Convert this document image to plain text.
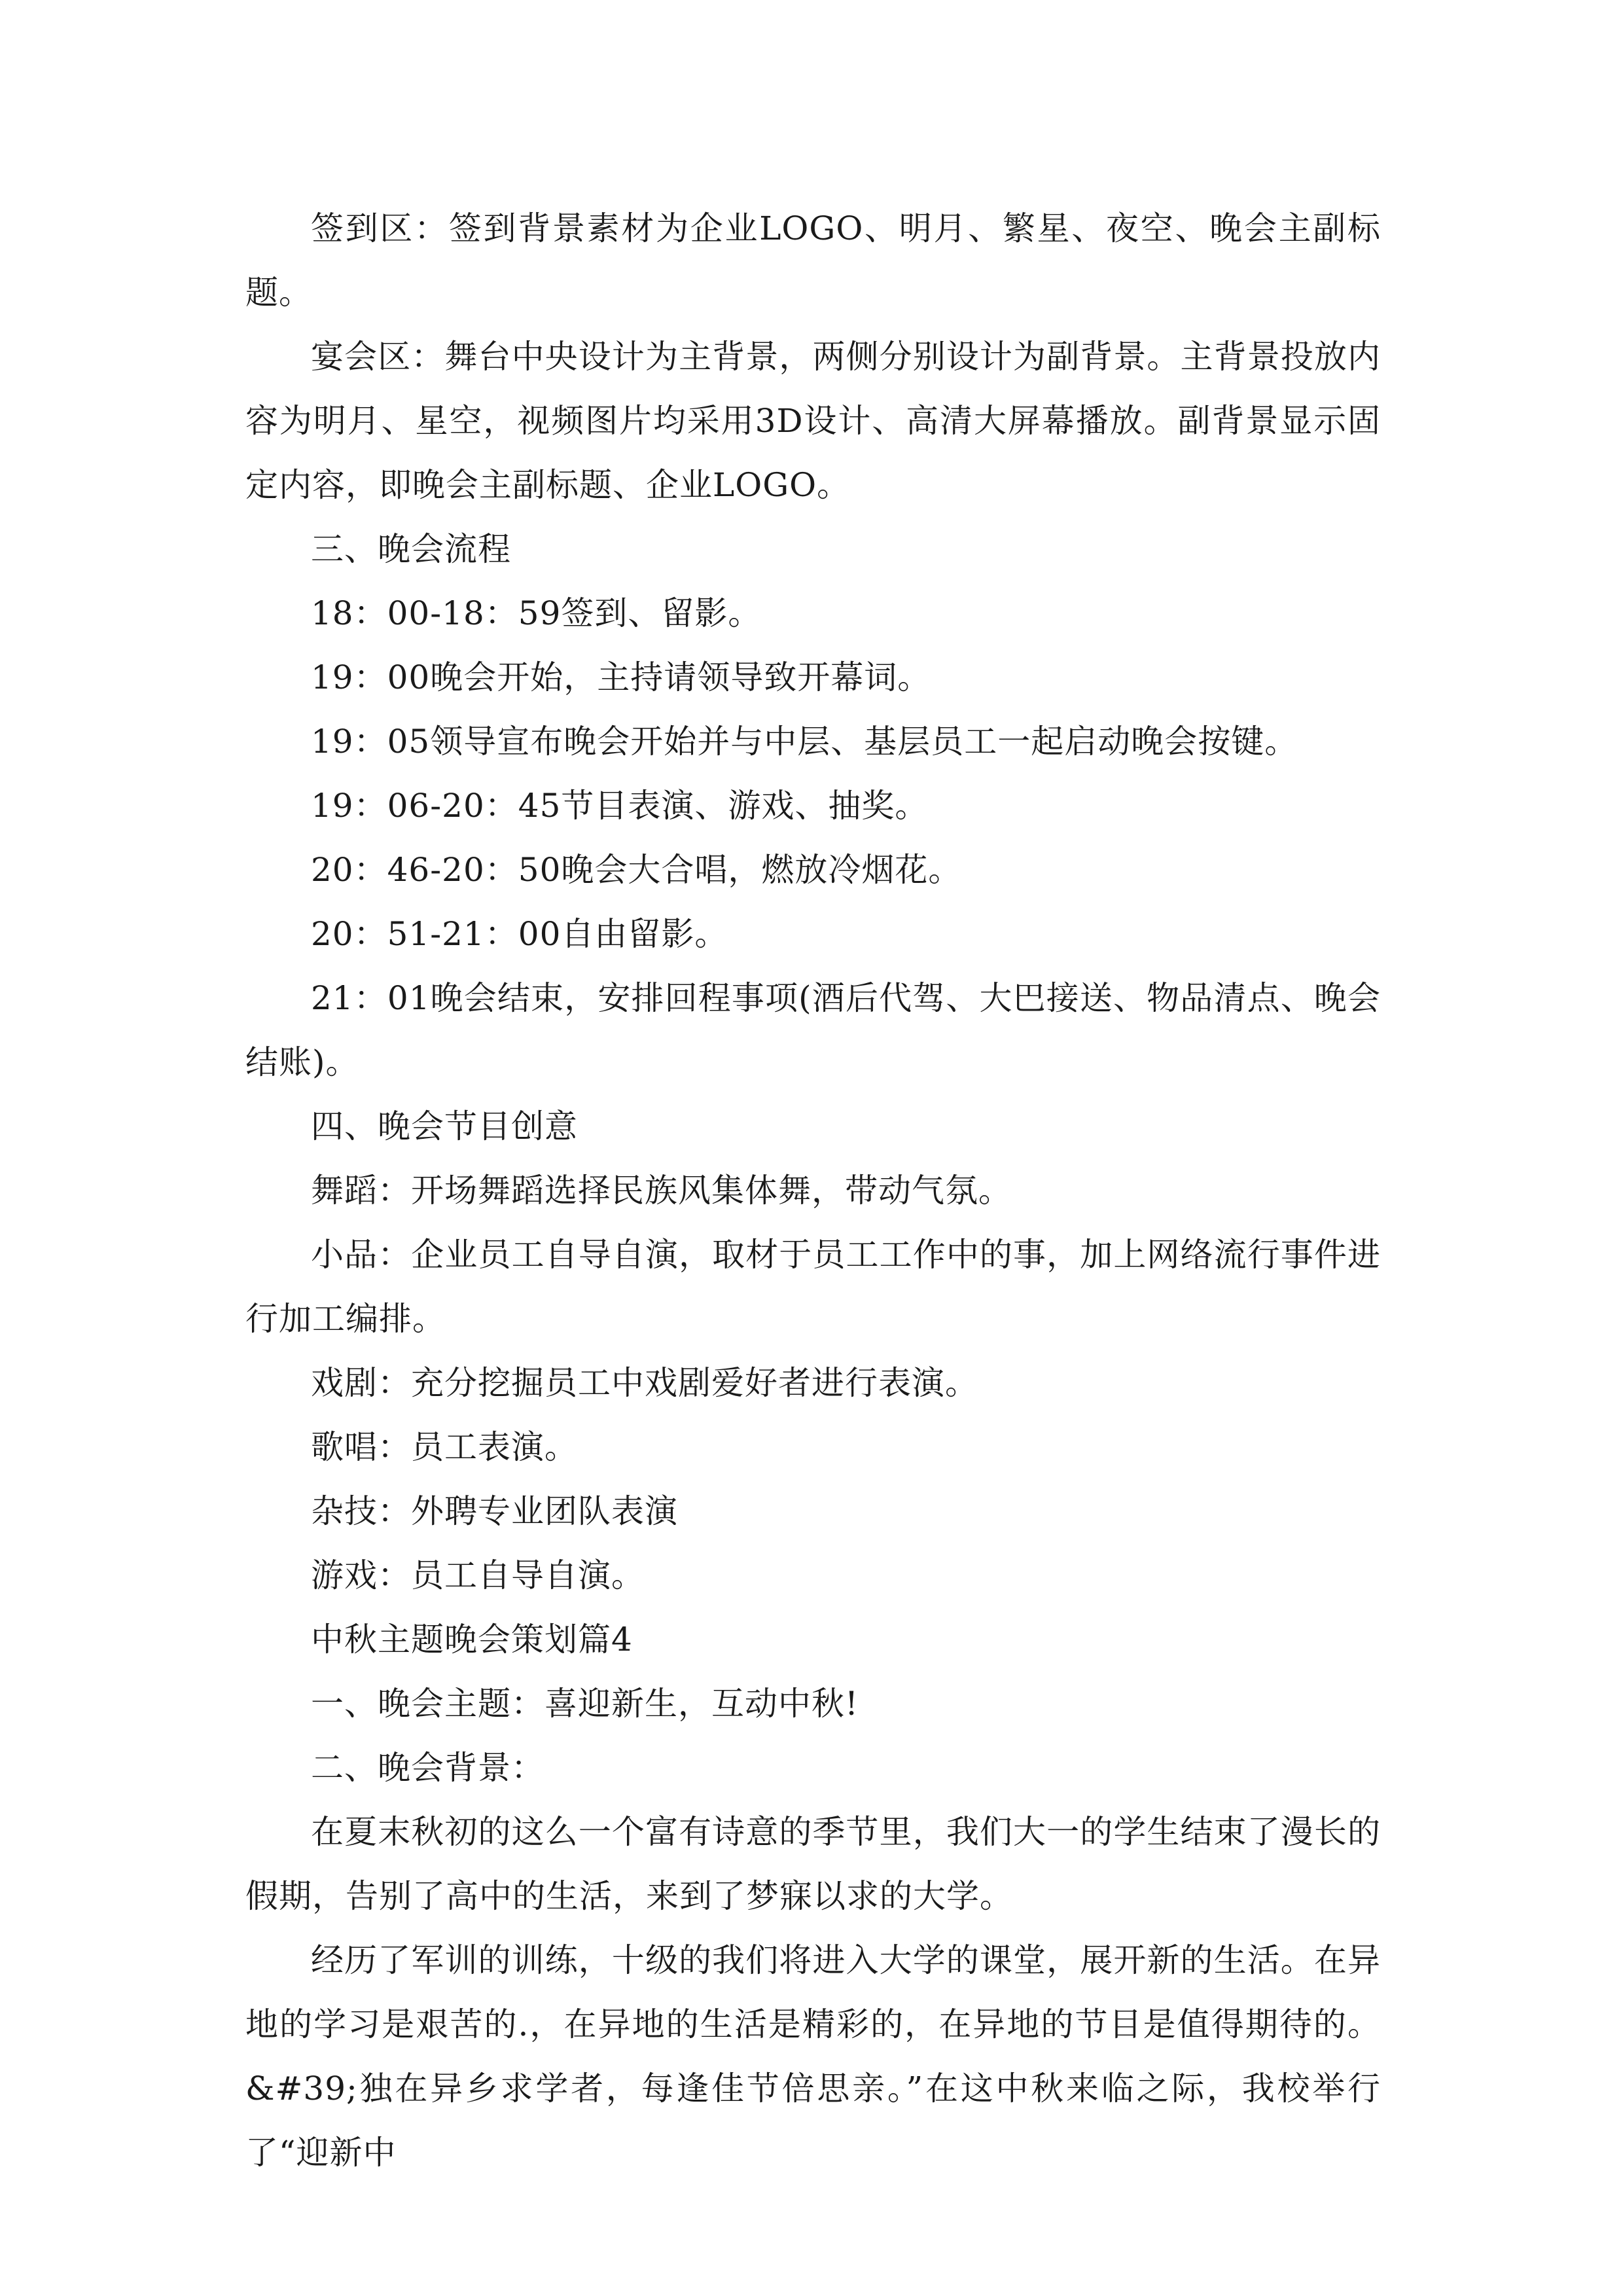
签到区：签到背景素材为企业LOGO、明月、繁星、夜空、晚会主副标题。

宴会区：舞台中央设计为主背景，两侧分别设计为副背景。主背景投放内容为明月、星空，视频图片均采用3D设计、高清大屏幕播放。副背景显示固定内容，即晚会主副标题、企业LOGO。

三、晚会流程

18：00-18：59签到、留影。

19：00晚会开始，主持请领导致开幕词。

19：05领导宣布晚会开始并与中层、基层员工一起启动晚会按键。

19：06-20：45节目表演、游戏、抽奖。

20：46-20：50晚会大合唱，燃放冷烟花。

20：51-21：00自由留影。

21：01晚会结束，安排回程事项(酒后代驾、大巴接送、物品清点、晚会结账)。

四、晚会节目创意

舞蹈：开场舞蹈选择民族风集体舞，带动气氛。

小品：企业员工自导自演，取材于员工工作中的事，加上网络流行事件进行加工编排。

戏剧：充分挖掘员工中戏剧爱好者进行表演。

歌唱：员工表演。

杂技：外聘专业团队表演

游戏：员工自导自演。

中秋主题晚会策划篇4

一、晚会主题：喜迎新生，互动中秋!

二、晚会背景：

在夏末秋初的这么一个富有诗意的季节里，我们大一的学生结束了漫长的假期，告别了高中的生活，来到了梦寐以求的大学。

经历了军训的训练，十级的我们将进入大学的课堂，展开新的生活。在异地的学习是艰苦的.，在异地的生活是精彩的，在异地的节目是值得期待的。&#39;独在异乡求学者，每逢佳节倍思亲。”在这中秋来临之际，我校举行了“迎新中
